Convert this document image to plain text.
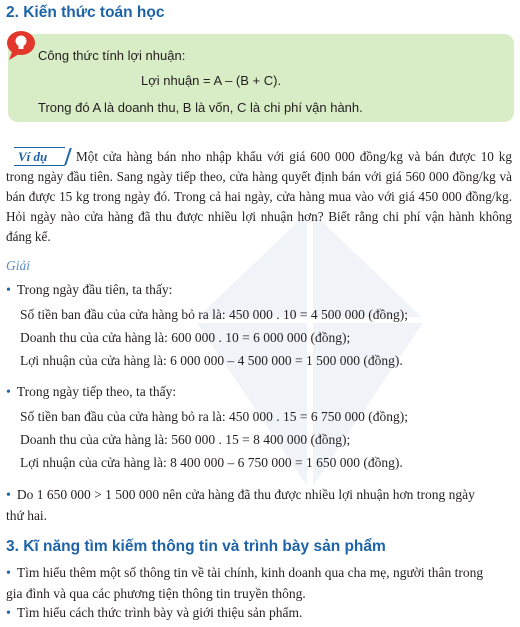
2. Kiến thức toán học
Công thức tính lợi nhuận:
Lợi nhuận = A – (B + C).
Trong đó A là doanh thu, B là vốn, C là chi phí vận hành.
Một cửa hàng bán nho nhập khẩu với giá 600 000 đồng/kg và bán được 10 kg trong ngày đầu tiên. Sang ngày tiếp theo, cửa hàng quyết định bán với giá 560 000 đồng/kg và bán được 15 kg trong ngày đó. Trong cả hai ngày, cửa hàng mua vào với giá 450 000 đồng/kg. Hỏi ngày nào cửa hàng đã thu được nhiều lợi nhuận hơn? Biết rằng chi phí vận hành không đáng kể.
Ví dụ
Giải
• Trong ngày đầu tiên, ta thấy:
Số tiền ban đầu của cửa hàng bỏ ra là: 450 000 . 10 = 4 500 000 (đồng);
Doanh thu của cửa hàng là: 600 000 . 10 = 6 000 000 (đồng);
Lợi nhuận của cửa hàng là: 6 000 000 – 4 500 000 = 1 500 000 (đồng).
• Trong ngày tiếp theo, ta thấy:
Số tiền ban đầu của cửa hàng bỏ ra là: 450 000 . 15 = 6 750 000 (đồng);
Doanh thu của cửa hàng là: 560 000 . 15 = 8 400 000 (đồng);
Lợi nhuận của cửa hàng là: 8 400 000 – 6 750 000 = 1 650 000 (đồng).
• Do 1 650 000 > 1 500 000 nên cửa hàng đã thu được nhiều lợi nhuận hơn trong ngày thứ hai.
3. Kĩ năng tìm kiếm thông tin và trình bày sản phẩm
• Tìm hiểu thêm một số thông tin về tài chính, kinh doanh qua cha mẹ, người thân trong gia đình và qua các phương tiện thông tin truyền thông.
• Tìm hiểu cách thức trình bày và giới thiệu sản phẩm.
